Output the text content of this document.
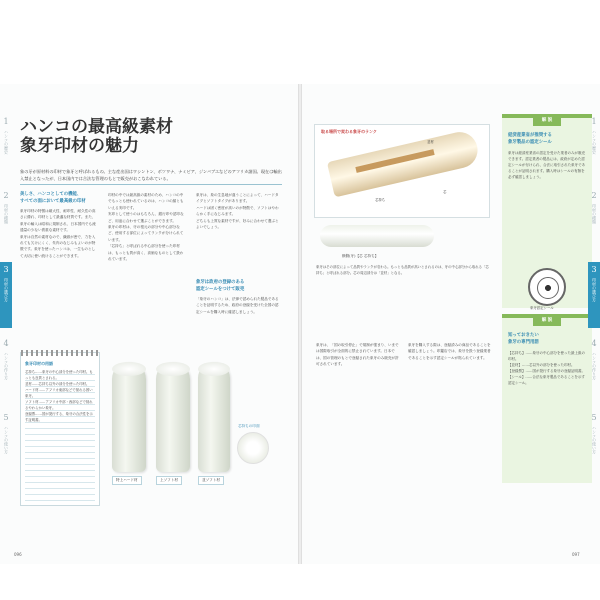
1
ハンコの歴史
2
印材の種類
3
印材の選び方
4
ハンコの作り方
5
ハンコの使い方
ハンコの最高級素材
象牙印材の魅力
象の牙が原材料の印材で象牙と呼ばれるもの。主な産出国はワシントン、ボツワナ、ナミビア、ジンバブエなどのアフリカ諸国。現在は輸出入禁止となったが、日本国内では合法な管理のもとで販売がおこなわれている。
美しさ、ハンコとしての機能、
すべての面において最高級の印材
象牙印材の特徴は緻大性、耐印性、耐久性の高さに優れ、印材として最適な材質です。また、象牙の輸入は昭和に規制され、日本国内でも流通量の少ない貴重な素材です。
象牙は自然の素材なので、繊維が密で、力を入れても欠けにくく、朱肉のなじみもよいのが特徴です。象牙を使ったハンコは、一生ものとして大切に使い続けることができます。
印材の中では最高級の素材のため、ハンコの中でもっとも使われているのは、ハンコの顔ともいえる実印です。
実印として使うのはもちろん、銀行印や認印など、用途に合わせて選ぶことができます。
象牙の印材は、牙の根元の部分や中心部分など、使用する部位によってランクが分けられています。
「芯持ち」と呼ばれる中心部分を使った印材は、もっとも質が高く、高価なものとして扱われています。
象牙は、象の生息地が違うことによって、ハードタイプとソフトタイプがあります。
ハードは固く密度が高いのが特徴で、ソフトはやわらかく手になじみます。
どちらも上質な素材ですが、好みに合わせて選ぶとよいでしょう。
象牙は政府の登録のある
認定シールをつけて販売
「象牙のハンコ」は、法律で認められた製品であることを証明するため、政府の登録を受けた全国の認定シールを購入時に確認しましょう。
象牙印材の用語
芯持ち……象牙の中心部分を使った印材。もっとも良質とされる。
並材……芯持ち以外の部分を使った印材。
ハード材……アフリカ東部などで採れる固い象牙。
ソフト材……アフリカ中部・西部などで採れるやわらかい象牙。
登録票……国が発行する、象牙の合法性を示す証明書。
特上ハード材	上ソフト材	並ソフト材
芯持ちの印面
096
取る場所で変わる象牙のランク
芯持ち
並材
芯
横側(牙)【芯 芯持ち】
象牙はその部位によって品質やランクが変わる。もっとも品質が高いとされるのは、牙の中心部分から取れる「芯持ち」と呼ばれる部分。芯の周辺部分は「並材」となる。
象牙は、「国の取引停止」で規制が強まり、いまでは国際取引が全面的に禁止されています。日本では、国の管理のもとで登録された象牙のみ販売が許可されています。
象牙を購入する際は、登録済みの商品であることを確認しましょう。印鑑店では、象牙を扱う登録業者であることを示す認定シールが貼られています。
解 説
経済産業省が推奨する
象牙製品の認定シール
象牙は経済産業省の認定を受けた業者のみが販売できます。認定業者の製品には、政府が定めた認定シールが付けられ、合法に取引された象牙であることが証明されます。購入時はシールの有無を必ず確認しましょう。
象牙認定シール
解 説
知っておきたい
象牙の専門用語
【芯持ち】……象牙の中心部分を使った最上級の印材。
【並材】……芯以外の部分を使った印材。
【登録票】……国が発行する象牙の登録証明書。
【シール】……合法な象牙製品であることを示す認定シール。
1
ハンコの歴史
2
印材の種類
3
印材の選び方
4
ハンコの作り方
5
ハンコの使い方
097
